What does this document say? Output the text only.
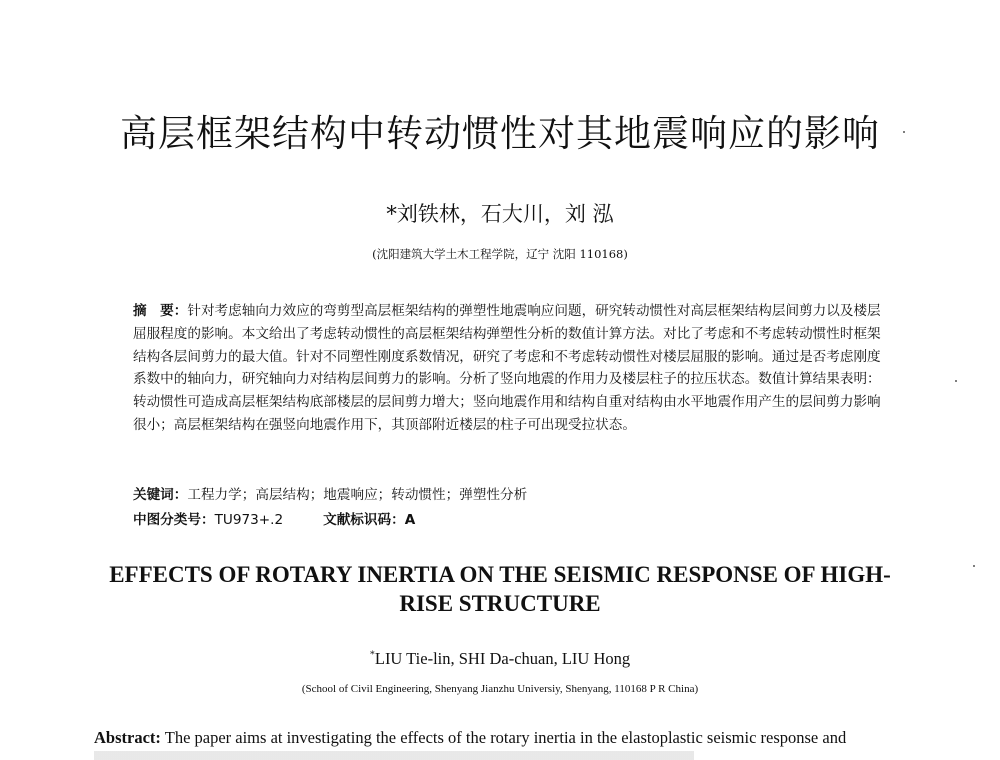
高层框架结构中转动惯性对其地震响应的影响
*刘铁林，石大川，刘 泓
(沈阳建筑大学土木工程学院，辽宁 沈阳 110168)
摘　要：针对考虑轴向力效应的弯剪型高层框架结构的弹塑性地震响应问题，研究转动惯性对高层框架结构层间剪力以及楼层屈服程度的影响。本文给出了考虑转动惯性的高层框架结构弹塑性分析的数值计算方法。对比了考虑和不考虑转动惯性时框架结构各层间剪力的最大值。针对不同塑性刚度系数情况，研究了考虑和不考虑转动惯性对楼层屈服的影响。通过是否考虑刚度系数中的轴向力，研究轴向力对结构层间剪力的影响。分析了竖向地震的作用力及楼层柱子的拉压状态。数值计算结果表明：转动惯性可造成高层框架结构底部楼层的层间剪力增大；竖向地震作用和结构自重对结构由水平地震作用产生的层间剪力影响很小；高层框架结构在强竖向地震作用下，其顶部附近楼层的柱子可出现受拉状态。
关键词：工程力学；高层结构；地震响应；转动惯性；弹塑性分析
中图分类号：TU973+.2	文献标识码：A
EFFECTS OF ROTARY INERTIA ON THE SEISMIC RESPONSE OF HIGH-RISE STRUCTURE
*LIU Tie-lin, SHI Da-chuan, LIU Hong
(School of Civil Engineering, Shenyang Jianzhu Universiy, Shenyang, 110168 P R China)
Abstract: The paper aims at investigating the effects of the rotary inertia in the elastoplastic seismic response and
